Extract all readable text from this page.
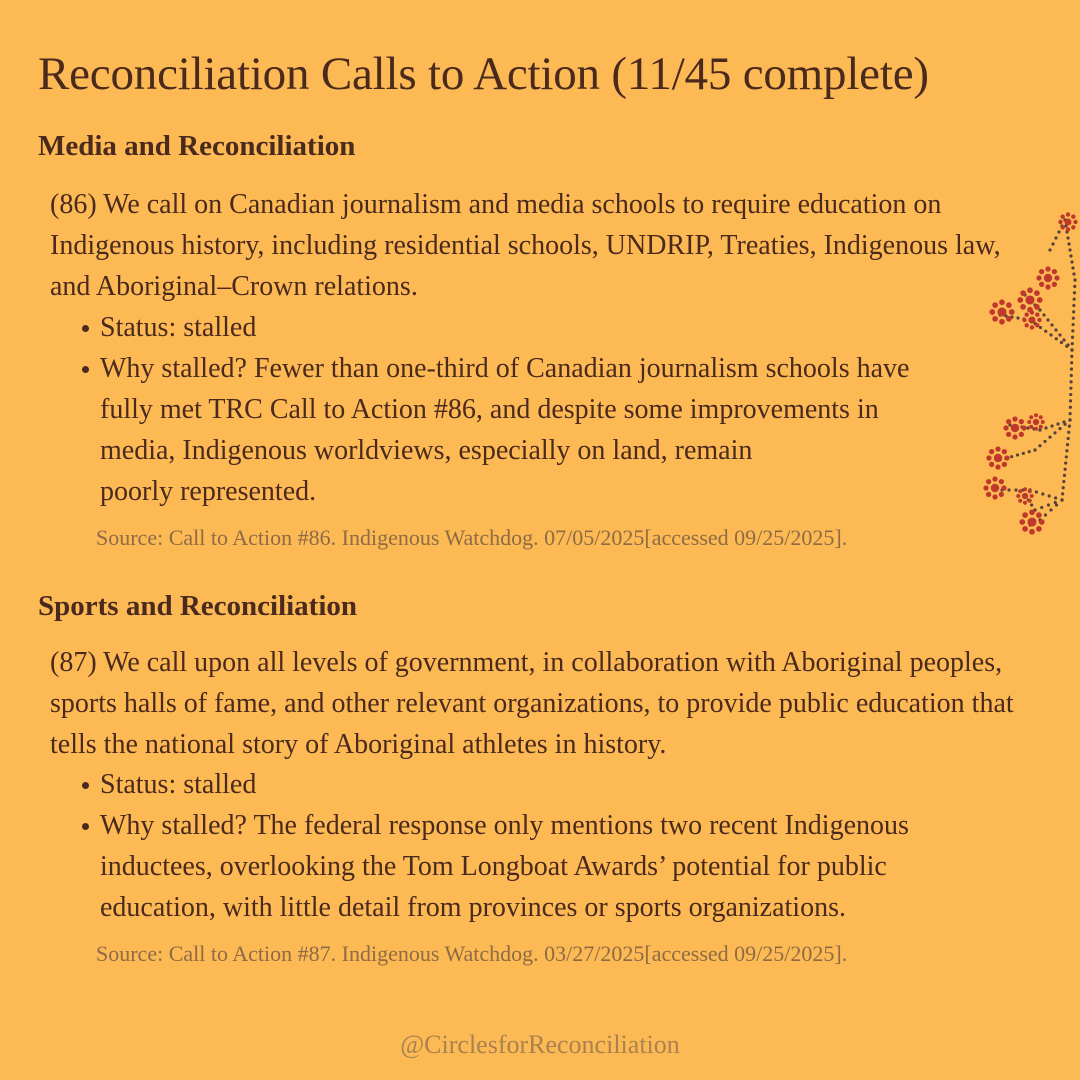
Reconciliation Calls to Action (11/45 complete)
Media and Reconciliation

(86) We call on Canadian journalism and media schools to require education on Indigenous history, including residential schools, UNDRIP, Treaties, Indigenous law, and Aboriginal–Crown relations.

Status: stalled
Why stalled? Fewer than one-third of Canadian journalism schools have
fully met TRC Call to Action #86, and despite some improvements in
media, Indigenous worldviews, especially on land, remain
poorly represented.

Source: Call to Action #86. Indigenous Watchdog. 07/05/2025[accessed 09/25/2025].

Sports and Reconciliation

(87) We call upon all levels of government, in collaboration with Aboriginal peoples, sports halls of fame, and other relevant organizations, to provide public education that tells the national story of Aboriginal athletes in history.

Status: stalled
Why stalled? The federal response only mentions two recent Indigenous
inductees, overlooking the Tom Longboat Awards’ potential for public
education, with little detail from provinces or sports organizations.

Source: Call to Action #87. Indigenous Watchdog. 03/27/2025[accessed 09/25/2025].

@CirclesforReconciliation
